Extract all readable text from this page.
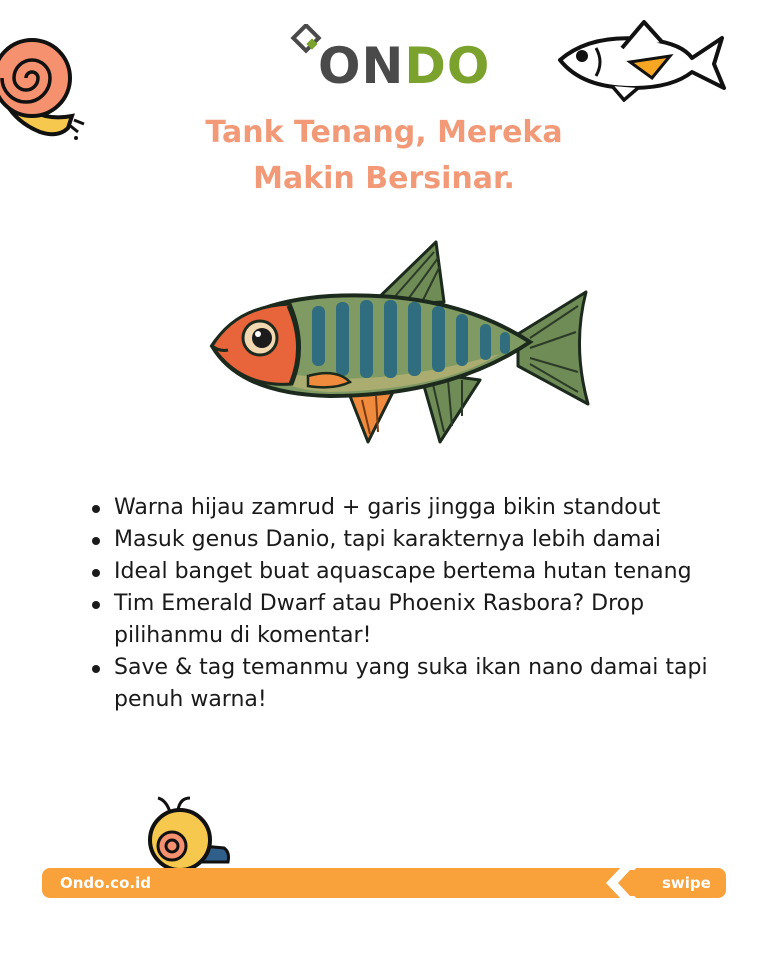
ONDO
Tank Tenang, Mereka
Makin Bersinar.
Warna hijau zamrud + garis jingga bikin standout
Masuk genus Danio, tapi karakternya lebih damai
Ideal banget buat aquascape bertema hutan tenang
Tim Emerald Dwarf atau Phoenix Rasbora? Drop pilihanmu di komentar!
Save & tag temanmu yang suka ikan nano damai tapi penuh warna!
Ondo.co.id	swipe
